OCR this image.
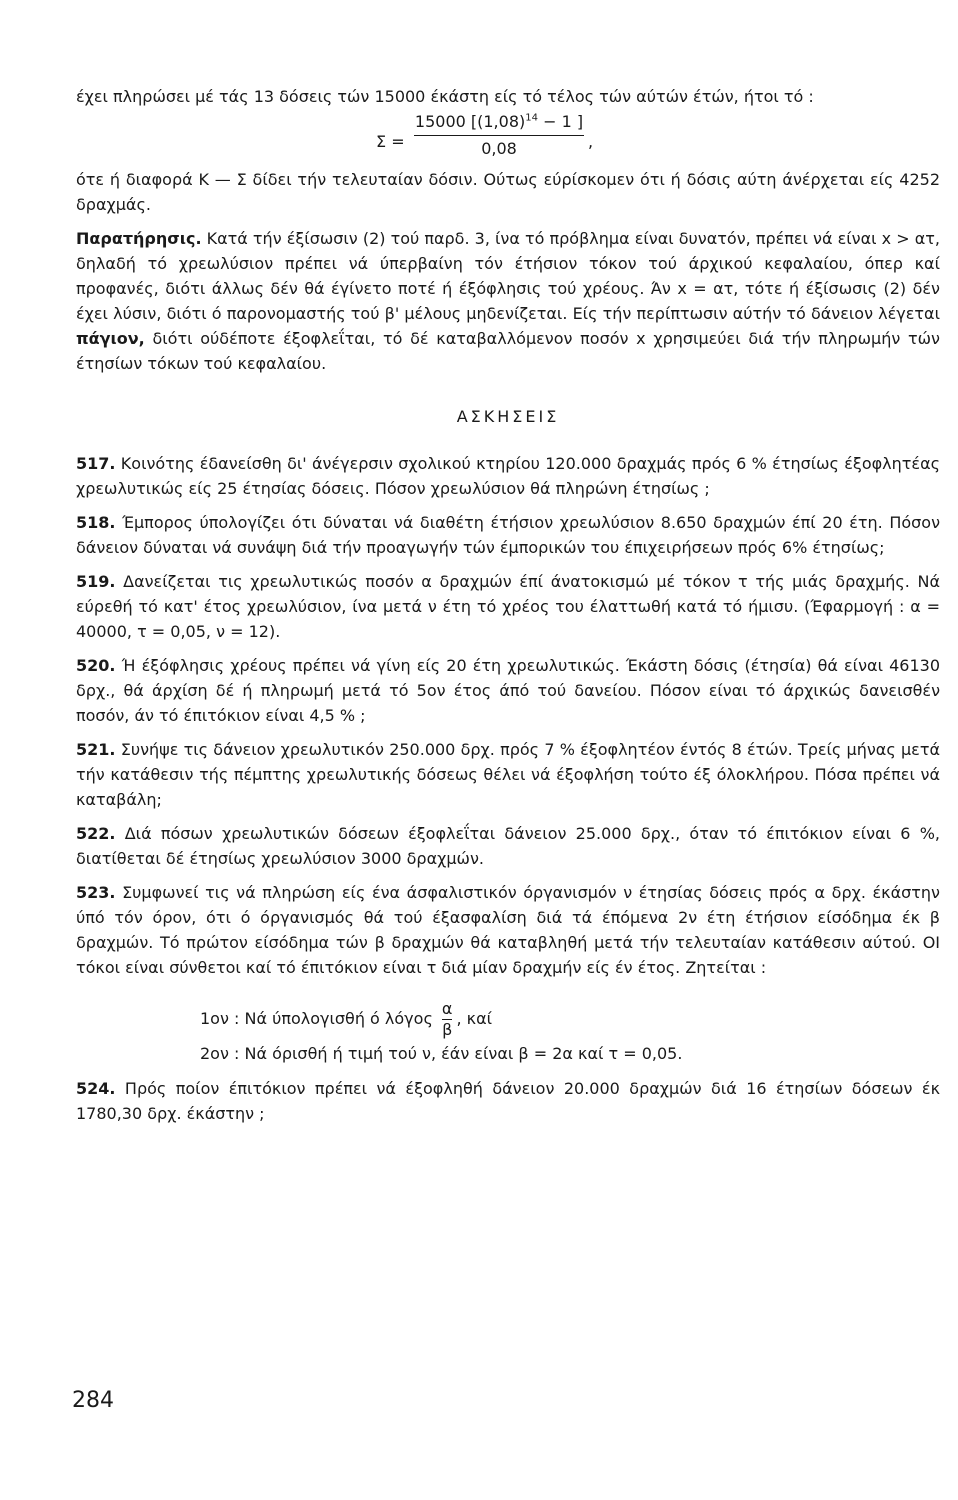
έχει πληρώσει μέ τάς 13 δόσεις τών 15000 έκάστη είς τό τέλος τών αύτών έτών, ήτοι τό :

$\Sigma = \frac{15000 [(1,08)^{14} - 1 ]}{0,08}$ ,

ότε ή διαφορά Κ — Σ δίδει τήν τελευταίαν δόσιν. Ούτως εύρίσκομεν ότι ή δόσις αύτη άνέρχεται είς 4252 δραχμάς.

Παρατήρησις. Κατά τήν έξίσωσιν (2) τού παρδ. 3, ίνα τό πρόβλημα είναι δυνατόν, πρέπει νά είναι x > ατ, δηλαδή τό χρεωλύσιον πρέπει νά ύπερβαίνη τόν έτήσιον τόκον τού άρχικού κεφαλαίου, όπερ καί προφανές, διότι άλλως δέν θά έγίνετο ποτέ ή έξόφλησις τού χρέους. Άν x = ατ, τότε ή έξίσωσις (2) δέν έχει λύσιν, διότι ό παρονομαστής τού β' μέλους μηδενίζεται. Είς τήν περίπτωσιν αύτήν τό δάνειον λέγεται πάγιον, διότι ούδέποτε έξοφλεΐται, τό δέ καταβαλλόμενον ποσόν x χρησιμεύει διά τήν πληρωμήν τών έτησίων τόκων τού κεφαλαίου.

ΑΣΚΗΣΕΙΣ

517. Κοινότης έδανείσθη δι' άνέγερσιν σχολικού κτηρίου 120.000 δραχμάς πρός 6 % έτησίως έξοφλητέας χρεωλυτικώς είς 25 έτησίας δόσεις. Πόσον χρεωλύσιον θά πληρώνη έτησίως ;

518. Έμπορος ύπολογίζει ότι δύναται νά διαθέτη έτήσιον χρεωλύσιον 8.650 δραχμών έπί 20 έτη. Πόσον δάνειον δύναται νά συνάψη διά τήν προαγωγήν τών έμπορικών του έπιχειρήσεων πρός 6% έτησίως;

519. Δανείζεται τις χρεωλυτικώς ποσόν α δραχμών έπί άνατοκισμώ μέ τόκον τ τής μιάς δραχμής. Νά εύρεθή τό κατ' έτος χρεωλύσιον, ίνα μετά ν έτη τό χρέος του έλαττωθή κατά τό ήμισυ. (Έφαρμογή : α = 40000, τ = 0,05, ν = 12).

520. Ή έξόφλησις χρέους πρέπει νά γίνη είς 20 έτη χρεωλυτικώς. Έκάστη δόσις (έτησία) θά είναι 46130 δρχ., θά άρχίση δέ ή πληρωμή μετά τό 5ον έτος άπό τού δανείου. Πόσον είναι τό άρχικώς δανεισθέν ποσόν, άν τό έπιτόκιον είναι 4,5 % ;

521. Συνήψε τις δάνειον χρεωλυτικόν 250.000 δρχ. πρός 7 % έξοφλητέον έντός 8 έτών. Τρείς μήνας μετά τήν κατάθεσιν τής πέμπτης χρεωλυτικής δόσεως θέλει νά έξοφλήση τούτο έξ όλοκλήρου. Πόσα πρέπει νά καταβάλη;

522. Διά πόσων χρεωλυτικών δόσεων έξοφλεΐται δάνειον 25.000 δρχ., όταν τό έπιτόκιον είναι 6 %, διατίθεται δέ έτησίως χρεωλύσιον 3000 δραχμών.

523. Συμφωνεί τις νά πληρώση είς ένα άσφαλιστικόν όργανισμόν ν έτησίας δόσεις πρός α δρχ. έκάστην ύπό τόν όρον, ότι ό όργανισμός θά τού έξασφαλίση διά τά έπόμενα 2ν έτη έτήσιον είσόδημα έκ β δραχμών. Τό πρώτον είσόδημα τών β δραχμών θά καταβληθή μετά τήν τελευταίαν κατάθεσιν αύτού. ΟΙ τόκοι είναι σύνθετοι καί τό έπιτόκιον είναι τ διά μίαν δραχμήν είς έν έτος. Ζητείται :

1ον : Νά ύπολογισθή ό λόγος $\frac{\alpha}{\beta}$ , καί
2ον : Νά όρισθή ή τιμή τού ν, έάν είναι β = 2α καί τ = 0,05.

524. Πρός ποίον έπιτόκιον πρέπει νά έξοφληθή δάνειον 20.000 δραχμών διά 16 έτησίων δόσεων έκ 1780,30 δρχ. έκάστην ;

284
